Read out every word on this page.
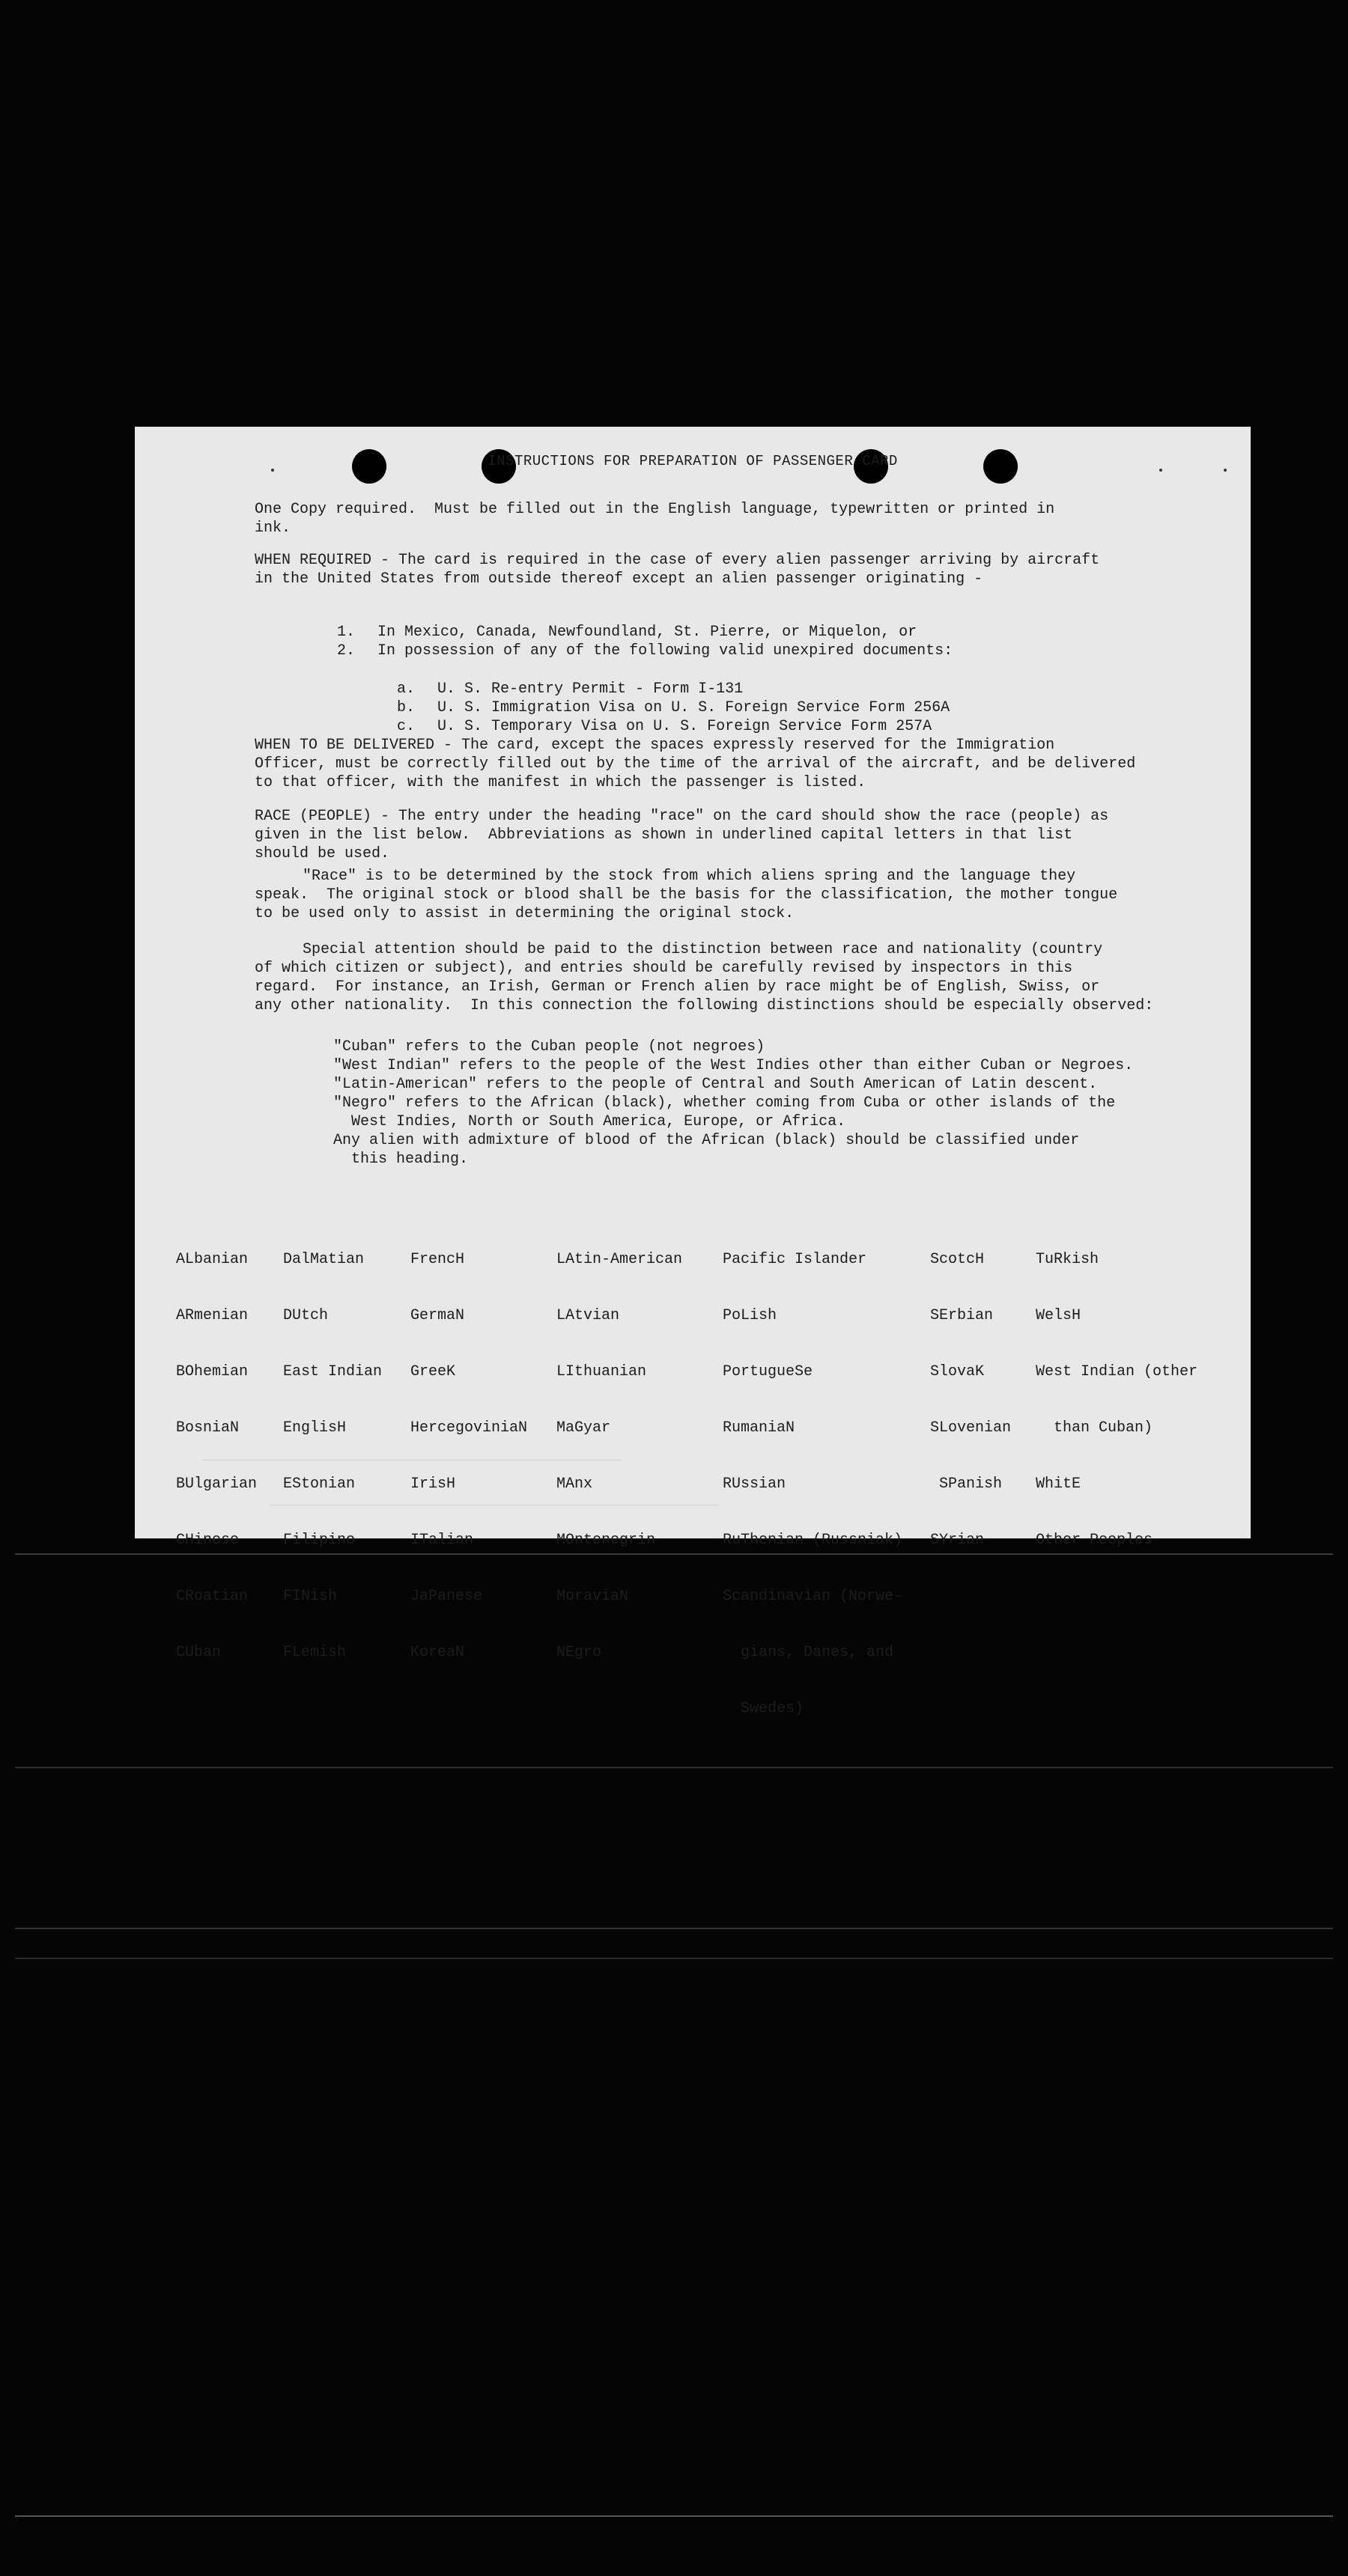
INSTRUCTIONS FOR PREPARATION OF PASSENGER CARD

One Copy required.  Must be filled out in the English language, typewritten or printed in
ink.

WHEN REQUIRED - The card is required in the case of every alien passenger arriving by aircraft
in the United States from outside thereof except an alien passenger originating -

1. In Mexico, Canada, Newfoundland, St. Pierre, or Miquelon, or

2. In possession of any of the following valid unexpired documents:

a. U. S. Re-entry Permit - Form I-131

b. U. S. Immigration Visa on U. S. Foreign Service Form 256A

c. U. S. Temporary Visa on U. S. Foreign Service Form 257A

WHEN TO BE DELIVERED - The card, except the spaces expressly reserved for the Immigration
Officer, must be correctly filled out by the time of the arrival of the aircraft, and be delivered
to that officer, with the manifest in which the passenger is listed.

RACE (PEOPLE) - The entry under the heading "race" on the card should show the race (people) as
given in the list below.  Abbreviations as shown in underlined capital letters in that list
should be used.

"Race" is to be determined by the stock from which aliens spring and the language they
speak.  The original stock or blood shall be the basis for the classification, the mother tongue
to be used only to assist in determining the original stock.

Special attention should be paid to the distinction between race and nationality (country
of which citizen or subject), and entries should be carefully revised by inspectors in this
regard.  For instance, an Irish, German or French alien by race might be of English, Swiss, or
any other nationality.  In this connection the following distinctions should be especially observed:

"Cuban" refers to the Cuban people (not negroes)
"West Indian" refers to the people of the West Indies other than either Cuban or Negroes.
"Latin-American" refers to the people of Central and South American of Latin descent.
"Negro" refers to the African (black), whether coming from Cuba or other islands of the
West Indies, North or South America, Europe, or Africa.
Any alien with admixture of blood of the African (black) should be classified under
this heading.

ALbanian

ARmenian

BOhemian

BosniaN

BUlgarian

CHinese

CRoatian

CUban

DalMatian

DUtch

East Indian

EnglisH

EStonian

Filipino

FINish

FLemish

FrencH

GermaN

GreeK

HercegoviniaN

IrisH

ITalian

JaPanese

KoreaN

LAtin-American

LAtvian

LIthuanian

MaGyar

MAnx

MOntenegrin

MoraviaN

NEgro

Pacific Islander

PoLish

PortugueSe

RumaniaN

RUssian

RuThenian (Russniak)

Scandinavian (Norwe-

gians, Danes, and

Swedes)

ScotcH

SErbian

SlovaK

SLovenian

SPanish

SYrian

TuRkish

WelsH

West Indian (other

than Cuban)

WhitE

Other Peoples
